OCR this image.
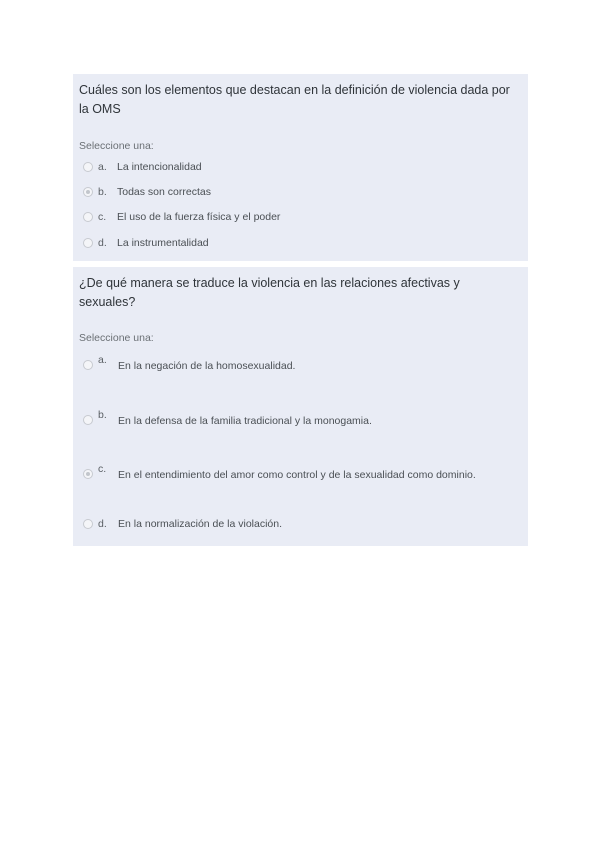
Cuáles son los elementos que destacan en la definición de violencia dada por la OMS
Seleccione una:
a. La intencionalidad
b. Todas son correctas
c. El uso de la fuerza física y el poder
d. La instrumentalidad
¿De qué manera se traduce la violencia en las relaciones afectivas y sexuales?
Seleccione una:
a. En la negación de la homosexualidad.
b. En la defensa de la familia tradicional y la monogamia.
c. En el entendimiento del amor como control y de la sexualidad como dominio.
d. En la normalización de la violación.
